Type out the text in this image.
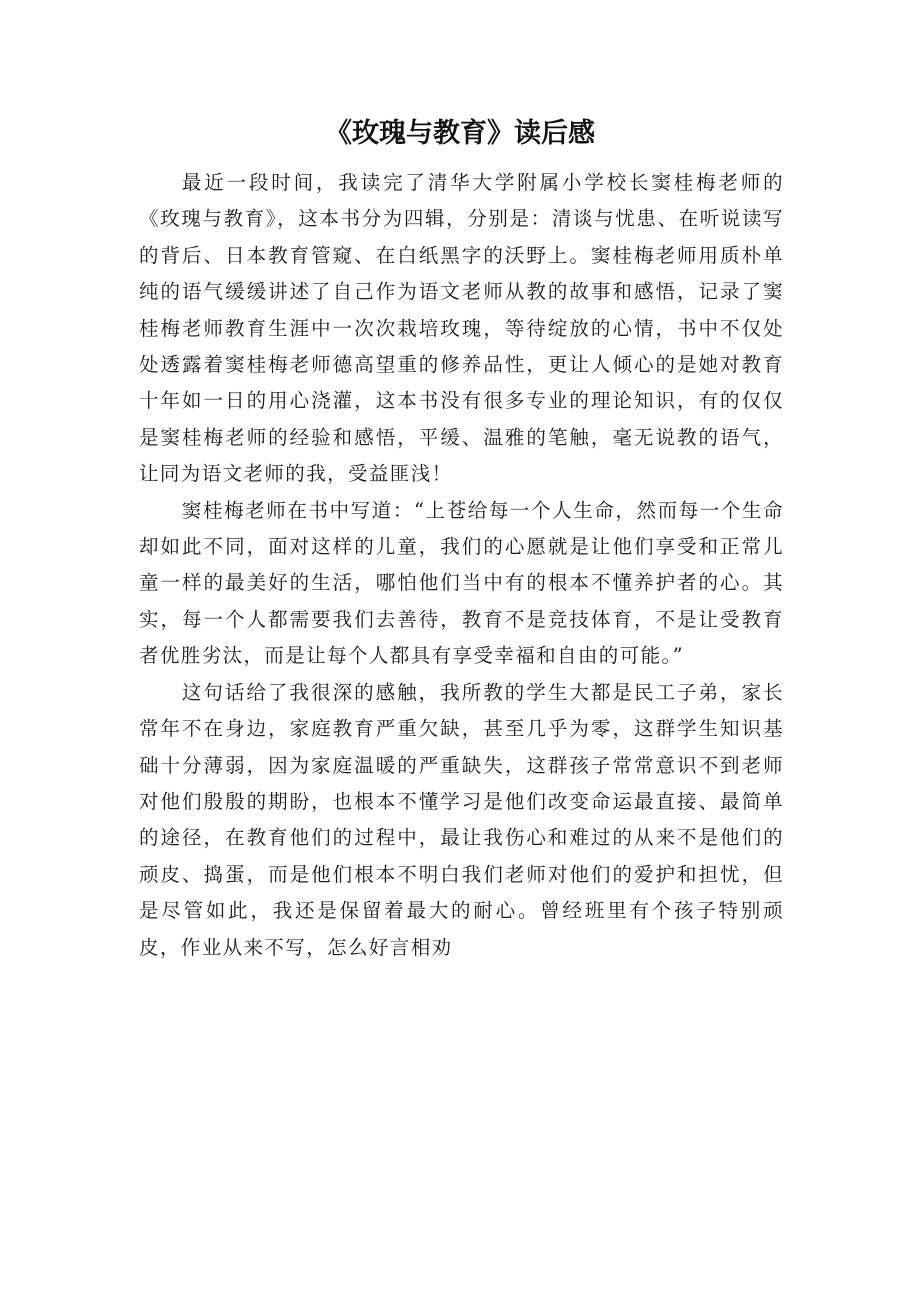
《玫瑰与教育》读后感

最近一段时间，我读完了清华大学附属小学校长窦桂梅老师的《玫瑰与教育》，这本书分为四辑，分别是：清谈与忧患、在听说读写的背后、日本教育管窥、在白纸黑字的沃野上。窦桂梅老师用质朴单纯的语气缓缓讲述了自己作为语文老师从教的故事和感悟，记录了窦桂梅老师教育生涯中一次次栽培玫瑰，等待绽放的心情，书中不仅处处透露着窦桂梅老师德高望重的修养品性，更让人倾心的是她对教育十年如一日的用心浇灌，这本书没有很多专业的理论知识，有的仅仅是窦桂梅老师的经验和感悟，平缓、温雅的笔触，毫无说教的语气，让同为语文老师的我，受益匪浅！

窦桂梅老师在书中写道：“上苍给每一个人生命，然而每一个生命却如此不同，面对这样的儿童，我们的心愿就是让他们享受和正常儿童一样的最美好的生活，哪怕他们当中有的根本不懂养护者的心。其实，每一个人都需要我们去善待，教育不是竞技体育，不是让受教育者优胜劣汰，而是让每个人都具有享受幸福和自由的可能。”

这句话给了我很深的感触，我所教的学生大都是民工子弟，家长常年不在身边，家庭教育严重欠缺，甚至几乎为零，这群学生知识基础十分薄弱，因为家庭温暖的严重缺失，这群孩子常常意识不到老师对他们殷殷的期盼，也根本不懂学习是他们改变命运最直接、最简单的途径，在教育他们的过程中，最让我伤心和难过的从来不是他们的顽皮、捣蛋，而是他们根本不明白我们老师对他们的爱护和担忧，但是尽管如此，我还是保留着最大的耐心。曾经班里有个孩子特别顽皮，作业从来不写，怎么好言相劝
